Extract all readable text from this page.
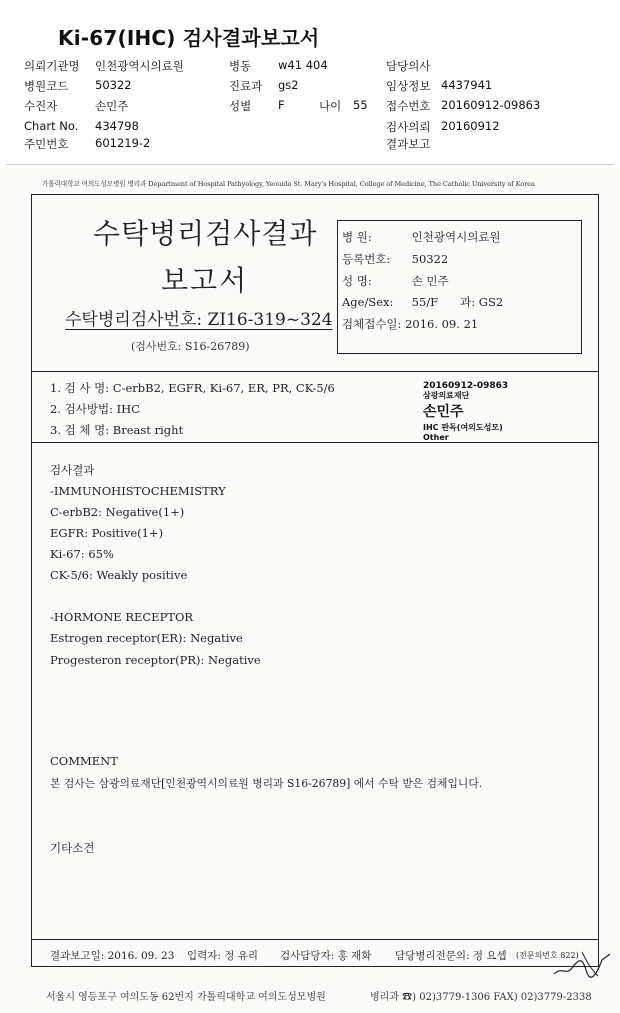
Ki-67(IHC) 검사결과보고서
의뢰기관명 인천광역시의료원	병동 w41 404	담당의사
병원코드 50322	진료과 gs2	임상정보 4437941
수진자	손민주	성별 F	나이 55 접수번호 20160912-09863
Chart No. 434798	검사의뢰 20160912
주민번호 601219-2	결과보고
가톨릭대학교 여의도성모병원 병리과 Department of Hospital Pathyology, Yeouido St. Mary's Hospital, College of Medicine, The Catholic University of Korea
수탁병리검사결과
보고서
수탁병리검사번호: ZI16-319~324
(검사번호: S16-26789)
병 원:	인천광역시의료원
등록번호: 50322
성 명:	손 민주
Age/Sex: 55/F 과: GS2
검체접수일: 2016. 09. 21
1. 검 사 명: C-erbB2, EGFR, Ki-67, ER, PR, CK-5/6
2. 검사방법: IHC
3. 검 체 명: Breast right
20160912-09863
삼광의료재단
손민주
IHC 판독(여의도성모)
Other
검사결과
-IMMUNOHISTOCHEMISTRY
C-erbB2: Negative(1+)
EGFR: Positive(1+)
Ki-67: 65%
CK-5/6: Weakly positive
-HORMONE RECEPTOR
Estrogen receptor(ER): Negative
Progesteron receptor(PR): Negative
COMMENT
본 검사는 삼광의료재단[인천광역시의료원 병리과 S16-26789] 에서 수탁 받은 검체입니다.
기타소견
결과보고일: 2016. 09. 23 입력자: 정 유리 검사담당자: 홍 재화 담당병리전문의: 정 요셉 (전문의번호 822)
서울시 영등포구 여의도동 62번지 가톨릭대학교 여의도성모병원	병리과 ☎) 02)3779-1306 FAX) 02)3779-2338
